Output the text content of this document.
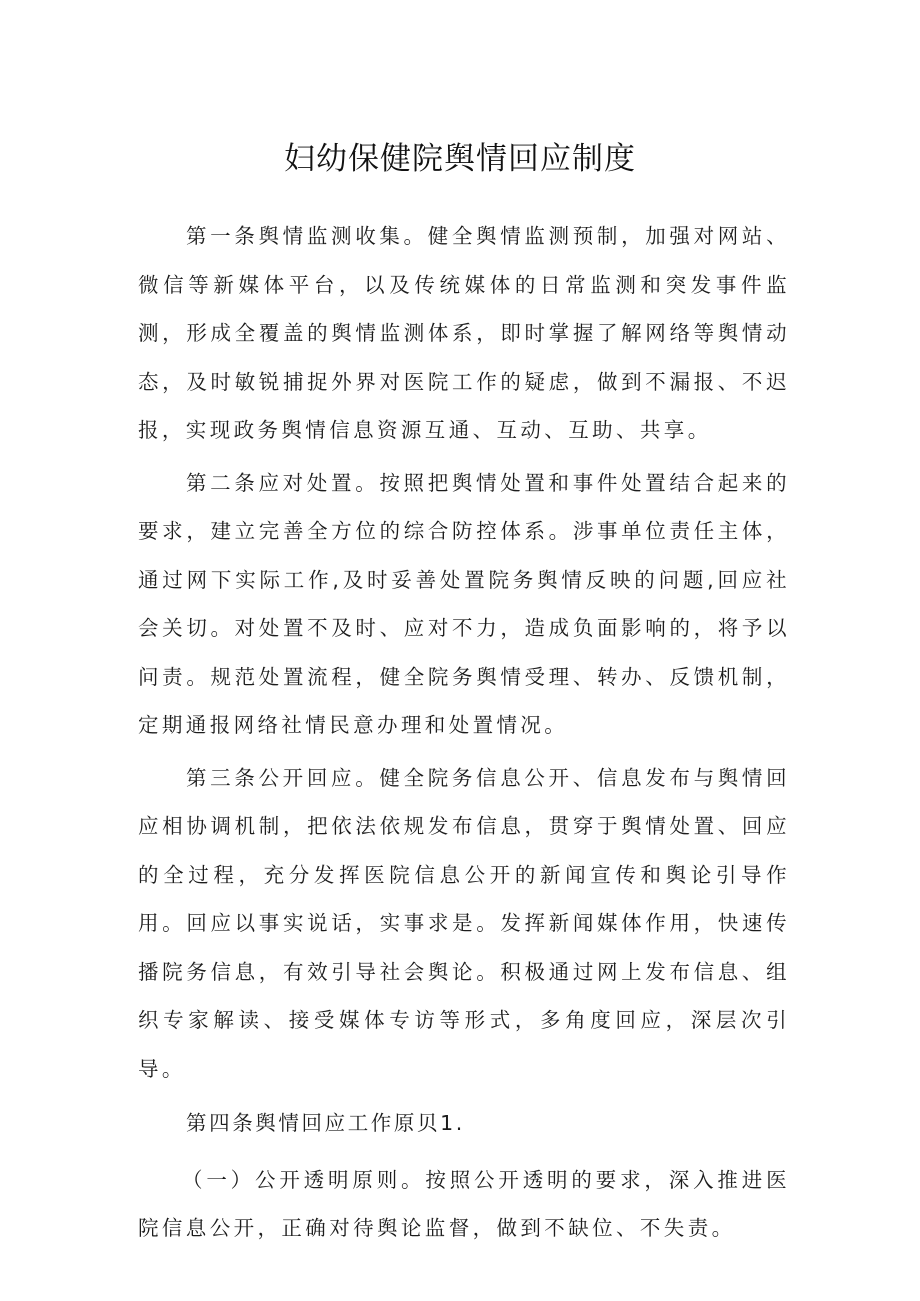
妇幼保健院舆情回应制度

第一条舆情监测收集。健全舆情监测预制，加强对网站、微信等新媒体平台，以及传统媒体的日常监测和突发事件监测，形成全覆盖的舆情监测体系，即时掌握了解网络等舆情动态，及时敏锐捕捉外界对医院工作的疑虑，做到不漏报、不迟报，实现政务舆情信息资源互通、互动、互助、共享。

第二条应对处置。按照把舆情处置和事件处置结合起来的要求，建立完善全方位的综合防控体系。涉事单位责任主体，通过网下实际工作,及时妥善处置院务舆情反映的问题,回应社会关切。对处置不及时、应对不力，造成负面影响的，将予以问责。规范处置流程，健全院务舆情受理、转办、反馈机制，定期通报网络社情民意办理和处置情况。

第三条公开回应。健全院务信息公开、信息发布与舆情回应相协调机制，把依法依规发布信息，贯穿于舆情处置、回应的全过程，充分发挥医院信息公开的新闻宣传和舆论引导作用。回应以事实说话，实事求是。发挥新闻媒体作用，快速传播院务信息，有效引导社会舆论。积极通过网上发布信息、组织专家解读、接受媒体专访等形式，多角度回应，深层次引导。

第四条舆情回应工作原贝1.

（一）公开透明原则。按照公开透明的要求，深入推进医院信息公开，正确对待舆论监督，做到不缺位、不失责。
